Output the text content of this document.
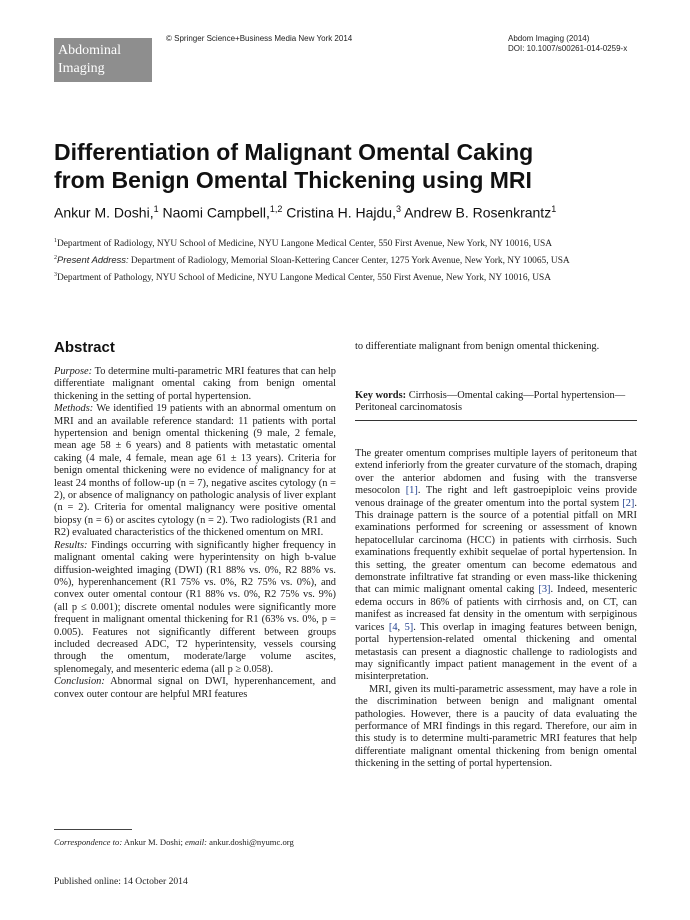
Abdominal
Imaging
© Springer Science+Business Media New York 2014	Abdom Imaging (2014)
DOI: 10.1007/s00261-014-0259-x
Differentiation of Malignant Omental Caking
from Benign Omental Thickening using MRI
Ankur M. Doshi,$^1$ Naomi Campbell,$^{1,2}$ Cristina H. Hajdu,$^3$ Andrew B. Rosenkrantz$^1$

$^1$Department of Radiology, NYU School of Medicine, NYU Langone Medical Center, 550 First Avenue, New York, NY 10016, USA

$^2$Present Address: Department of Radiology, Memorial Sloan-Kettering Cancer Center, 1275 York Avenue, New York, NY 10065, USA

$^3$Department of Pathology, NYU School of Medicine, NYU Langone Medical Center, 550 First Avenue, New York, NY 10016, USA

Abstract

Purpose: To determine multi-parametric MRI features that can help differentiate malignant omental caking from benign omental thickening in the setting of portal hypertension.

Methods: We identified 19 patients with an abnormal omentum on MRI and an available reference standard: 11 patients with portal hypertension and benign omental thickening (9 male, 2 female, mean age 58 ± 6 years) and 8 patients with metastatic omental caking (4 male, 4 female, mean age 61 ± 13 years). Criteria for benign omental thickening were no evidence of malignancy for at least 24 months of follow-up (n = 7), negative ascites cytology (n = 2), or absence of malignancy on pathologic analysis of liver explant (n = 2). Criteria for omental malignancy were positive omental biopsy (n = 6) or ascites cytology (n = 2). Two radiologists (R1 and R2) evaluated characteristics of the thickened omentum on MRI.

Results: Findings occurring with significantly higher frequency in malignant omental caking were hyperintensity on high b-value diffusion-weighted imaging (DWI) (R1 88% vs. 0%, R2 88% vs. 0%), hyperenhancement (R1 75% vs. 0%, R2 75% vs. 0%), and convex outer omental contour (R1 88% vs. 0%, R2 75% vs. 9%) (all p ≤ 0.001); discrete omental nodules were significantly more frequent in malignant omental thickening for R1 (63% vs. 0%, p = 0.005). Features not significantly different between groups included decreased ADC, T2 hyperintensity, vessels coursing through the omentum, moderate/large volume ascites, splenomegaly, and mesenteric edema (all p ≥ 0.058).

Conclusion: Abnormal signal on DWI, hyperenhancement, and convex outer contour are helpful MRI features

to differentiate malignant from benign omental thickening.
Key words: Cirrhosis—Omental caking—Portal hypertension—Peritoneal carcinomatosis

The greater omentum comprises multiple layers of peritoneum that extend inferiorly from the greater curvature of the stomach, draping over the anterior abdomen and fusing with the transverse mesocolon [1]. The right and left gastroepiploic veins provide venous drainage of the greater omentum into the portal system [2]. This drainage pattern is the source of a potential pitfall on MRI examinations performed for screening or assessment of known hepatocellular carcinoma (HCC) in patients with cirrhosis. Such examinations frequently exhibit sequelae of portal hypertension. In this setting, the greater omentum can become edematous and demonstrate infiltrative fat stranding or even mass-like thickening that can mimic malignant omental caking [3]. Indeed, mesenteric edema occurs in 86% of patients with cirrhosis and, on CT, can manifest as increased fat density in the omentum with serpiginous varices [4, 5]. This overlap in imaging features between benign, portal hypertension-related omental thickening and omental metastasis can present a diagnostic challenge to radiologists and may significantly impact patient management in the event of a misinterpretation.

MRI, given its multi-parametric assessment, may have a role in the discrimination between benign and malignant omental pathologies. However, there is a paucity of data evaluating the performance of MRI findings in this regard. Therefore, our aim in this study is to determine multi-parametric MRI features that help differentiate malignant omental thickening from benign omental thickening in the setting of portal hypertension.

Correspondence to: Ankur M. Doshi; email: ankur.doshi@nyumc.org
Published online: 14 October 2014
